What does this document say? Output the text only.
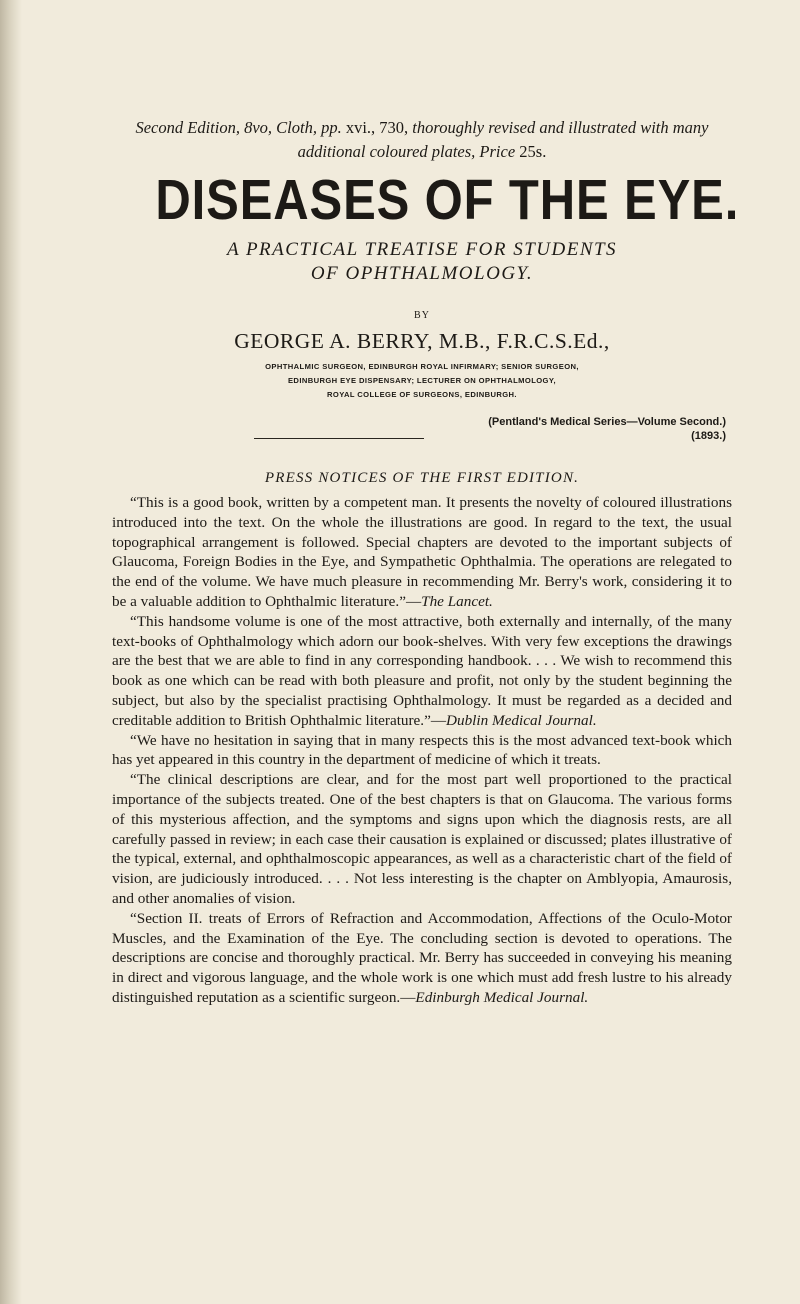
Second Edition, 8vo, Cloth, pp. xvi., 730, thoroughly revised and illustrated with many additional coloured plates, Price 25s.

DISEASES OF THE EYE.

A PRACTICAL TREATISE FOR STUDENTS
OF OPHTHALMOLOGY.

BY

GEORGE A. BERRY, M.B., F.R.C.S.Ed.,

OPHTHALMIC SURGEON, EDINBURGH ROYAL INFIRMARY; SENIOR SURGEON,
EDINBURGH EYE DISPENSARY; LECTURER ON OPHTHALMOLOGY,
ROYAL COLLEGE OF SURGEONS, EDINBURGH.

(Pentland's Medical Series—Volume Second.)

(1893.)

PRESS NOTICES OF THE FIRST EDITION.

“This is a good book, written by a competent man. It presents the novelty of coloured illustrations introduced into the text. On the whole the illustrations are good. In regard to the text, the usual topographical arrangement is followed. Special chapters are devoted to the important subjects of Glaucoma, Foreign Bodies in the Eye, and Sympathetic Ophthalmia. The operations are relegated to the end of the volume. We have much pleasure in recommending Mr. Berry's work, considering it to be a valuable addition to Ophthalmic literature.”—The Lancet.

“This handsome volume is one of the most attractive, both externally and internally, of the many text-books of Ophthalmology which adorn our book-shelves. With very few exceptions the drawings are the best that we are able to find in any corresponding handbook. . . . We wish to recommend this book as one which can be read with both pleasure and profit, not only by the student beginning the subject, but also by the specialist practising Ophthalmology. It must be regarded as a decided and creditable addition to British Ophthalmic literature.”—Dublin Medical Journal.

“We have no hesitation in saying that in many respects this is the most advanced text-book which has yet appeared in this country in the department of medicine of which it treats.

“The clinical descriptions are clear, and for the most part well proportioned to the practical importance of the subjects treated. One of the best chapters is that on Glaucoma. The various forms of this mysterious affection, and the symptoms and signs upon which the diagnosis rests, are all carefully passed in review; in each case their causation is explained or discussed; plates illustrative of the typical, external, and ophthalmoscopic appearances, as well as a characteristic chart of the field of vision, are judiciously introduced. . . . Not less interesting is the chapter on Amblyopia, Amaurosis, and other anomalies of vision.

“Section II. treats of Errors of Refraction and Accommodation, Affections of the Oculo-Motor Muscles, and the Examination of the Eye. The concluding section is devoted to operations. The descriptions are concise and thoroughly practical. Mr. Berry has succeeded in conveying his meaning in direct and vigorous language, and the whole work is one which must add fresh lustre to his already distinguished reputation as a scientific surgeon.—Edinburgh Medical Journal.
